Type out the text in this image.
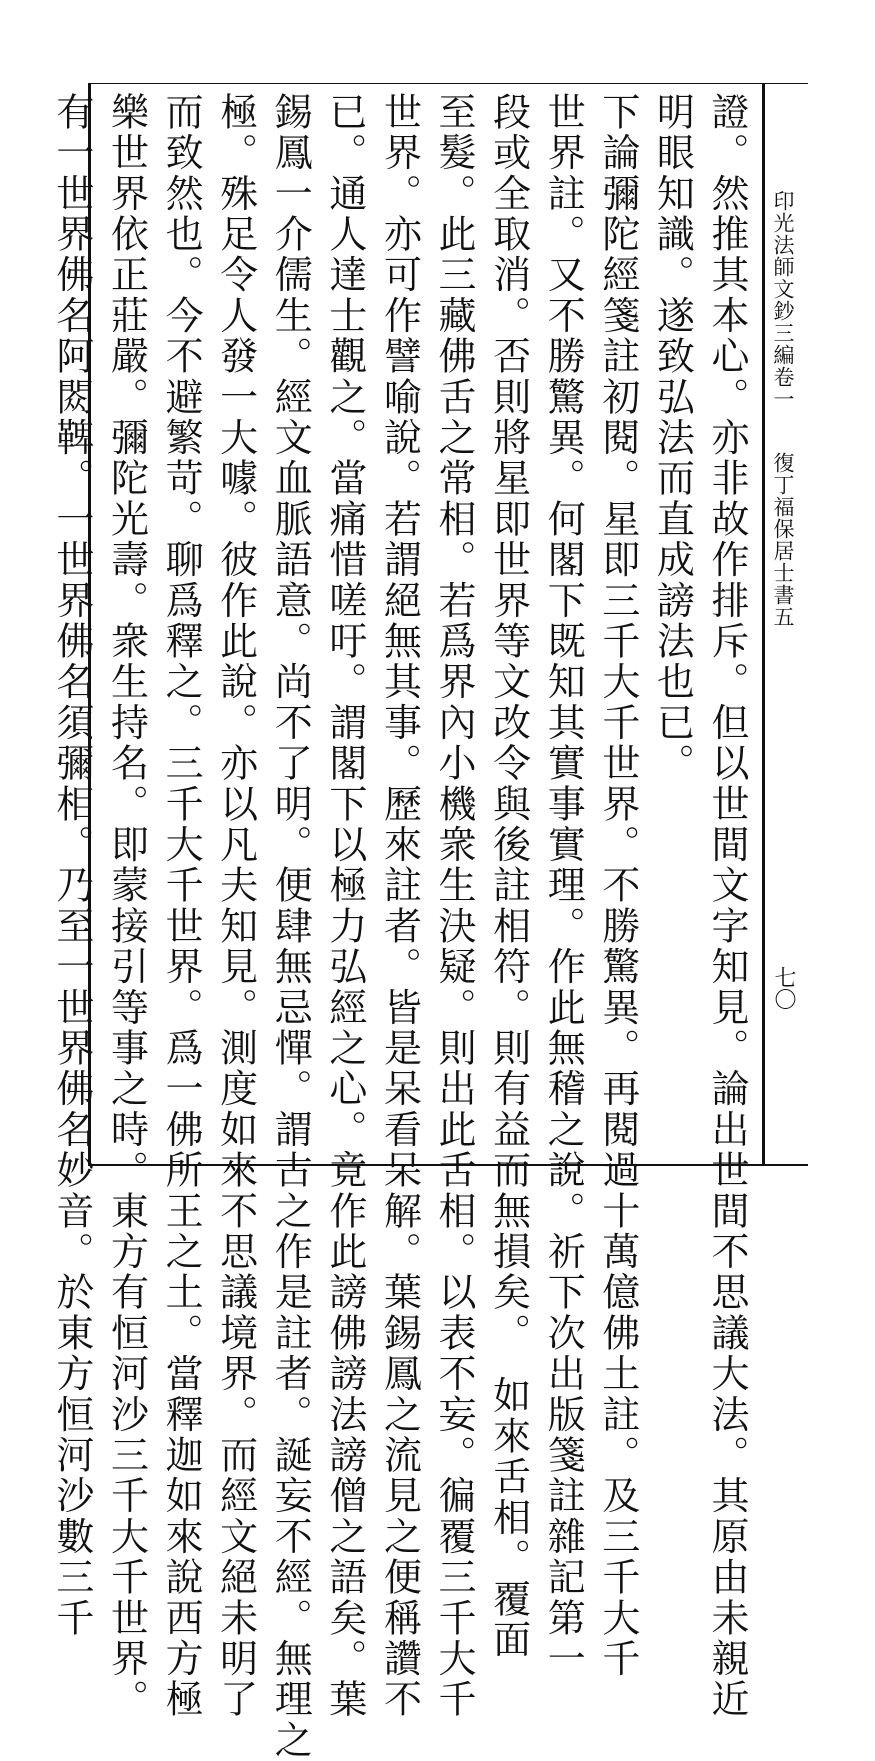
印光法師文鈔三編卷一
復丁福保居士書五
七〇
證。然推其本心。亦非故作排斥。但以世間文字知見。論出世間不思議大法。其原由未親近
明眼知識。遂致弘法而直成謗法也已。
下論彌陀經箋註初閱。星即三千大千世界。不勝驚異。再閱過十萬億佛土註。及三千大千
世界註。又不勝驚異。何閣下既知其實事實理。作此無稽之說。祈下次出版箋註雜記第一
段或全取消。否則將星即世界等文改令與後註相符。則有益而無損矣。　如來舌相。覆面
至髮。此三藏佛舌之常相。若爲界內小機衆生決疑。則出此舌相。以表不妄。徧覆三千大千
世界。亦可作譬喻說。若謂絕無其事。歷來註者。皆是呆看呆解。葉錫鳳之流見之便稱讚不
已。通人達士觀之。當痛惜嗟吁。謂閣下以極力弘經之心。竟作此謗佛謗法謗僧之語矣。葉
錫鳳一介儒生。經文血脈語意。尚不了明。便肆無忌憚。謂古之作是註者。誕妄不經。無理之
極。殊足令人發一大噱。彼作此說。亦以凡夫知見。測度如來不思議境界。而經文絕未明了
而致然也。今不避繁苛。聊爲釋之。三千大千世界。爲一佛所王之土。當釋迦如來說西方極
樂世界依正莊嚴。彌陀光壽。衆生持名。即蒙接引等事之時。東方有恒河沙三千大千世界。
有一世界佛名阿閦鞞。一世界佛名須彌相。乃至一世界佛名妙音。於東方恒河沙數三千
